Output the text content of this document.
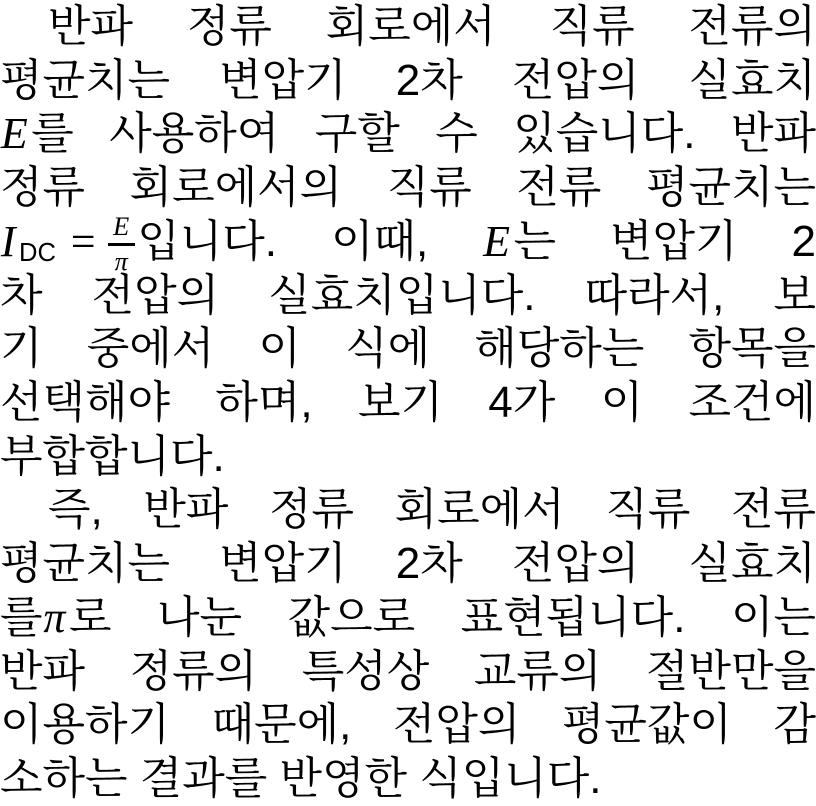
반파 정류 회로에서 직류 전류의
평균치는 변압기 2차 전압의 실효치
E를 사용하여 구할 수 있습니다. 반파
정류 회로에서의 직류 전류 평균치는
IDC = $\frac{E}{\pi}$ 입니다. 이때, E는 변압기 2
차 전압의 실효치입니다. 따라서, 보
기 중에서 이 식에 해당하는 항목을
선택해야 하며, 보기 4가 이 조건에
부합합니다.
즉, 반파 정류 회로에서 직류 전류
평균치는 변압기 2차 전압의 실효치
를π로 나눈 값으로 표현됩니다. 이는
반파 정류의 특성상 교류의 절반만을
이용하기 때문에, 전압의 평균값이 감
소하는 결과를 반영한 식입니다.
